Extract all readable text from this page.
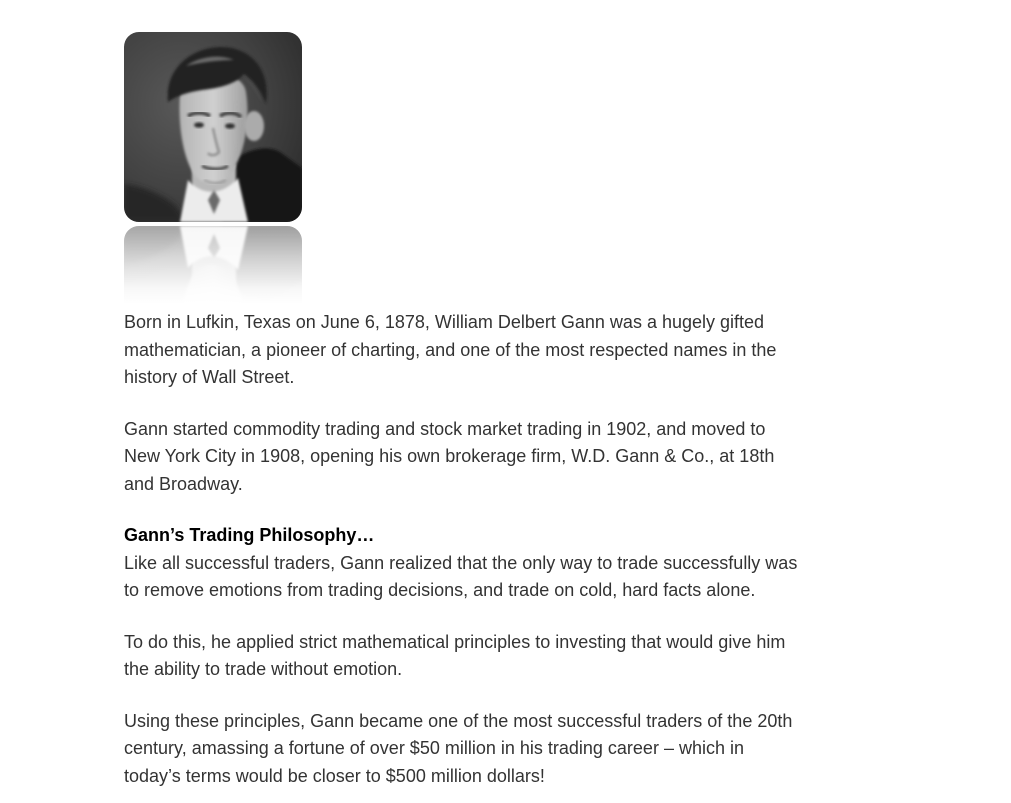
Born in Lufkin, Texas on June 6, 1878, William Delbert Gann was a hugely gifted
mathematician, a pioneer of charting, and one of the most respected names in the
history of Wall Street.
Gann started commodity trading and stock market trading in 1902, and moved to
New York City in 1908, opening his own brokerage firm, W.D. Gann & Co., at 18th
and Broadway.
Gann’s Trading Philosophy…
Like all successful traders, Gann realized that the only way to trade successfully was
to remove emotions from trading decisions, and trade on cold, hard facts alone.
To do this, he applied strict mathematical principles to investing that would give him
the ability to trade without emotion.
Using these principles, Gann became one of the most successful traders of the 20th
century, amassing a fortune of over $50 million in his trading career – which in
today’s terms would be closer to $500 million dollars!
